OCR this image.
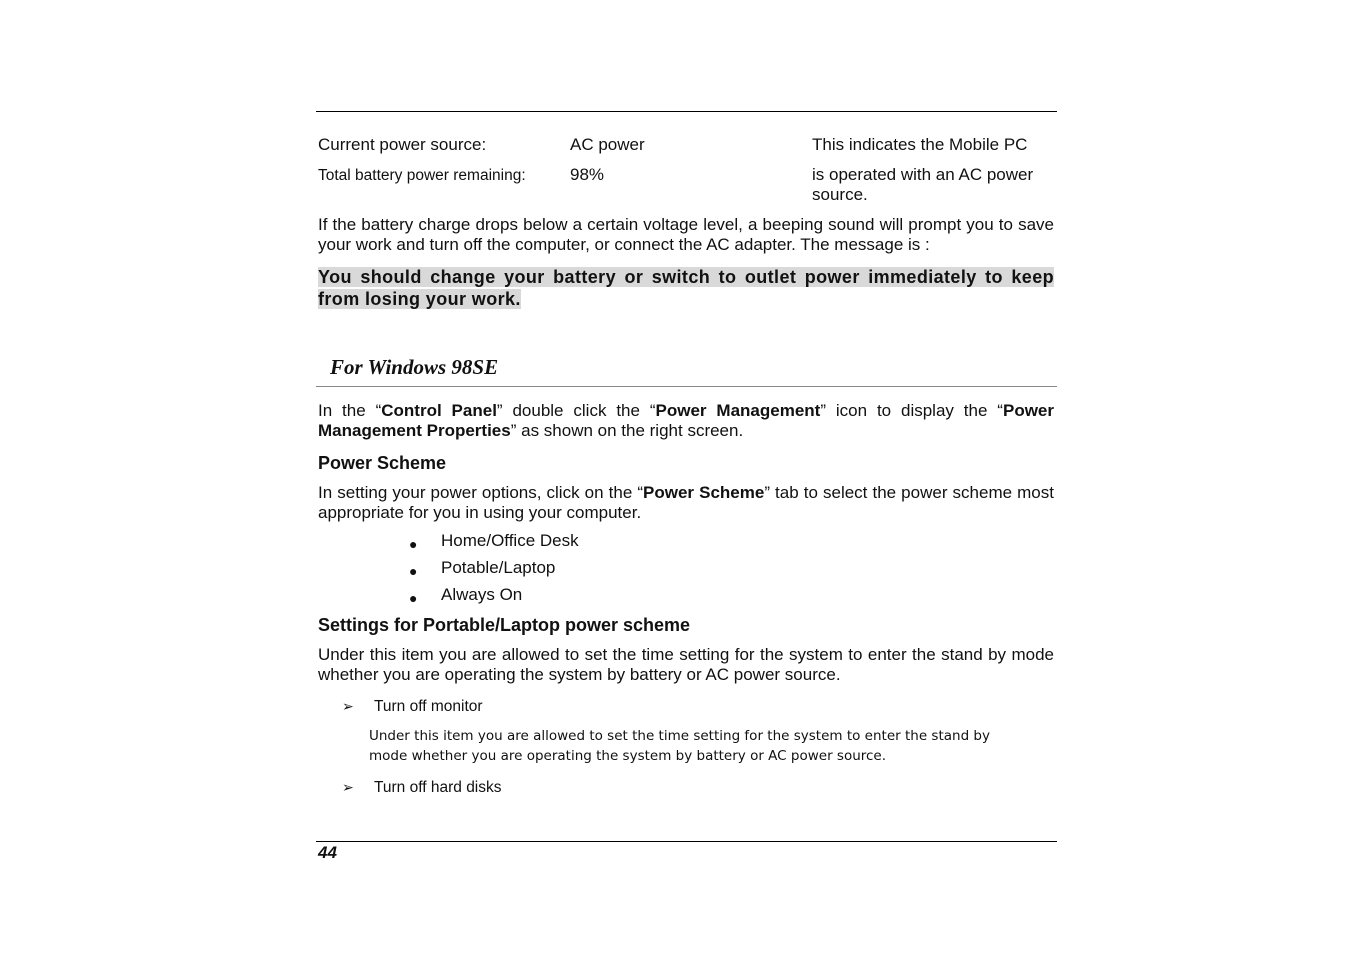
Current power source:	AC power	This indicates the Mobile PC
Total battery power remaining:	98%	is operated with an AC power
source.
If the battery charge drops below a certain voltage level, a beeping sound will prompt you to save your work and turn off the computer, or connect the AC adapter. The message is :
You should change your battery or switch to outlet power immediately to keep from losing your work.
For Windows 98SE
In the “Control Panel” double click the “Power Management” icon to display the “Power Management Properties” as shown on the right screen.
Power Scheme
In setting your power options, click on the “Power Scheme” tab to select the power scheme most appropriate for you in using your computer.
● Home/Office Desk
● Potable/Laptop
● Always On
Settings for Portable/Laptop power scheme
Under this item you are allowed to set the time setting for the system to enter the stand by mode whether you are operating the system by battery or AC power source.
➢ Turn off monitor
Under this item you are allowed to set the time setting for the system to enter the stand by mode whether you are operating the system by battery or AC power source.
➢ Turn off hard disks
44
